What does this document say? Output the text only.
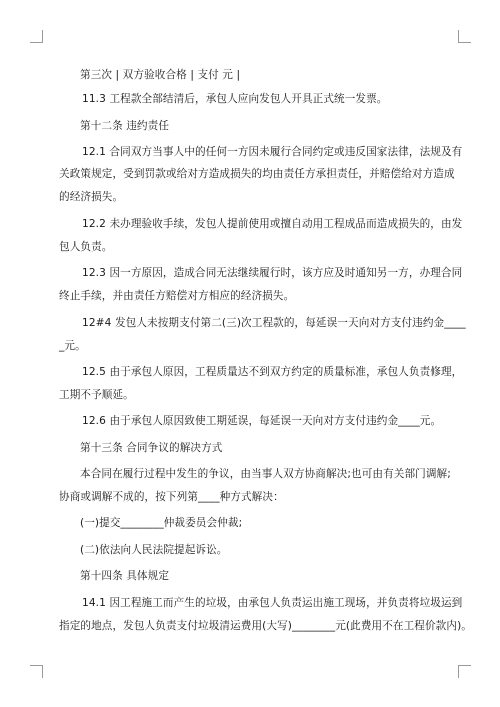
第三次 | 双方验收合格 | 支付 元 |
11.3 工程款全部结清后，承包人应向发包人开具正式统一发票。
第十二条 违约责任
12.1 合同双方当事人中的任何一方因未履行合同约定或违反国家法律，法规及有
关政策规定，受到罚款或给对方造成损失的均由责任方承担责任，并赔偿给对方造成
的经济损失。
12.2 未办理验收手续，发包人提前使用或擅自动用工程成品而造成损失的，由发
包人负责。
12.3 因一方原因，造成合同无法继续履行时，该方应及时通知另一方，办理合同
终止手续，并由责任方赔偿对方相应的经济损失。
12#4 发包人未按期支付第二(三)次工程款的，每延误一天向对方支付违约金____
_元。
12.5 由于承包人原因，工程质量达不到双方约定的质量标准，承包人负责修理，
工期不予顺延。
12.6 由于承包人原因致使工期延误，每延误一天向对方支付违约金____元。
第十三条 合同争议的解决方式
本合同在履行过程中发生的争议，由当事人双方协商解决;也可由有关部门调解;
协商或调解不成的，按下列第____种方式解决：
(一)提交________仲裁委员会仲裁;
(二)依法向人民法院提起诉讼。
第十四条 具体规定
14.1 因工程施工而产生的垃圾，由承包人负责运出施工现场，并负责将垃圾运到
指定的地点，发包人负责支付垃圾清运费用(大写)________元(此费用不在工程价款内)。
